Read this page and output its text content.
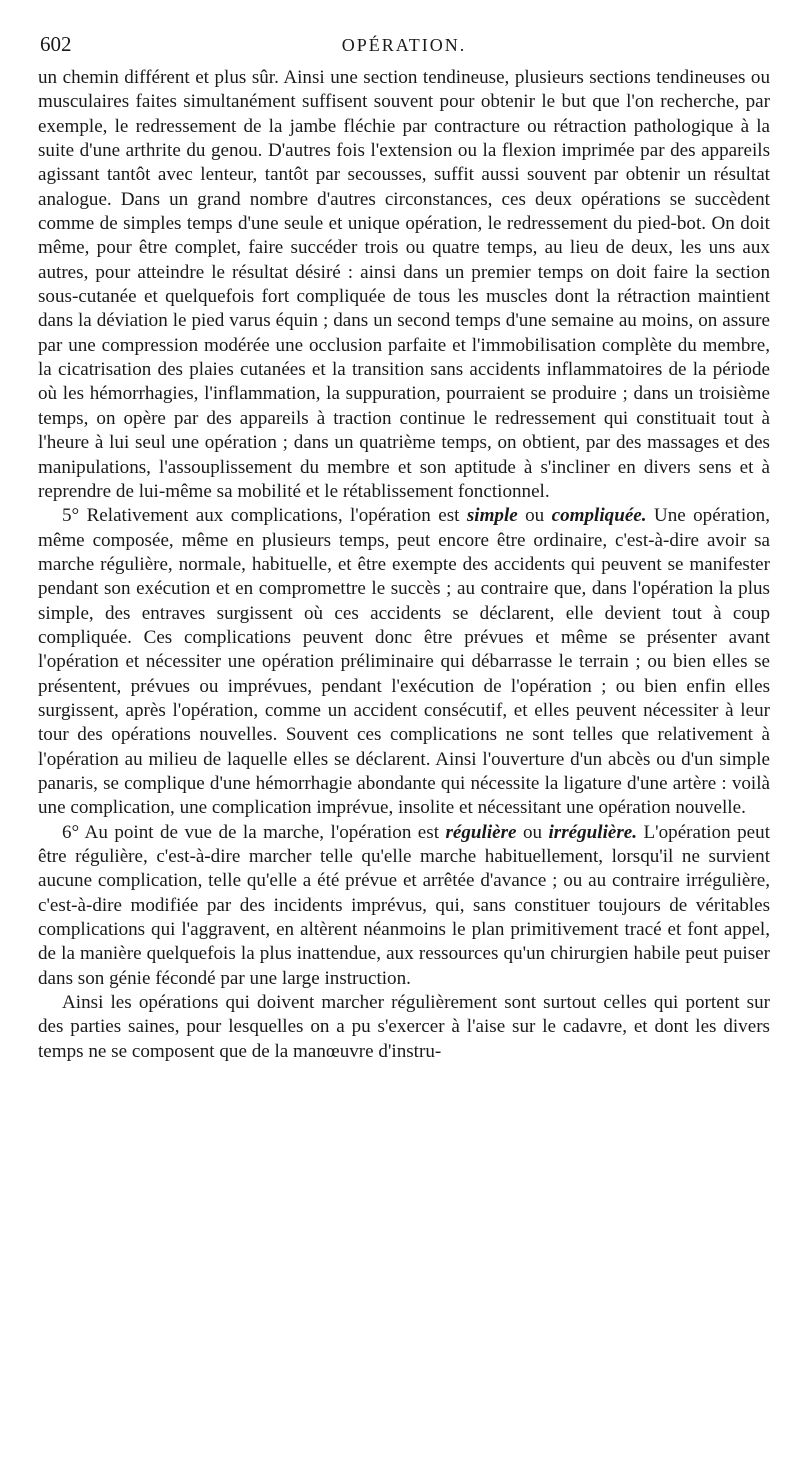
602	OPÉRATION.

un chemin différent et plus sûr. Ainsi une section tendineuse, plusieurs sections tendineuses ou musculaires faites simultanément suffisent souvent pour obtenir le but que l'on recherche, par exemple, le redressement de la jambe fléchie par contracture ou rétraction pathologique à la suite d'une arthrite du genou. D'autres fois l'extension ou la flexion imprimée par des appareils agissant tantôt avec lenteur, tantôt par secousses, suffit aussi souvent par obtenir un résultat analogue. Dans un grand nombre d'autres circonstances, ces deux opérations se succèdent comme de simples temps d'une seule et unique opération, le redressement du pied-bot. On doit même, pour être complet, faire succéder trois ou quatre temps, au lieu de deux, les uns aux autres, pour atteindre le résultat désiré : ainsi dans un premier temps on doit faire la section sous-cutanée et quelquefois fort compliquée de tous les muscles dont la rétraction maintient dans la déviation le pied varus équin ; dans un second temps d'une semaine au moins, on assure par une compression modérée une occlusion parfaite et l'immobilisation complète du membre, la cicatrisation des plaies cutanées et la transition sans accidents inflammatoires de la période où les hémorrhagies, l'inflammation, la suppuration, pourraient se produire ; dans un troisième temps, on opère par des appareils à traction continue le redressement qui constituait tout à l'heure à lui seul une opération ; dans un quatrième temps, on obtient, par des massages et des manipulations, l'assouplissement du membre et son aptitude à s'incliner en divers sens et à reprendre de lui-même sa mobilité et le rétablissement fonctionnel.

5° Relativement aux complications, l'opération est simple ou compliquée. Une opération, même composée, même en plusieurs temps, peut encore être ordinaire, c'est-à-dire avoir sa marche régulière, normale, habituelle, et être exempte des accidents qui peuvent se manifester pendant son exécution et en compromettre le succès ; au contraire que, dans l'opération la plus simple, des entraves surgissent où ces accidents se déclarent, elle devient tout à coup compliquée. Ces complications peuvent donc être prévues et même se présenter avant l'opération et nécessiter une opération préliminaire qui débarrasse le terrain ; ou bien elles se présentent, prévues ou imprévues, pendant l'exécution de l'opération ; ou bien enfin elles surgissent, après l'opération, comme un accident consécutif, et elles peuvent nécessiter à leur tour des opérations nouvelles. Souvent ces complications ne sont telles que relativement à l'opération au milieu de laquelle elles se déclarent. Ainsi l'ouverture d'un abcès ou d'un simple panaris, se complique d'une hémorrhagie abondante qui nécessite la ligature d'une artère : voilà une complication, une complication imprévue, insolite et nécessitant une opération nouvelle.

6° Au point de vue de la marche, l'opération est régulière ou irrégulière. L'opération peut être régulière, c'est-à-dire marcher telle qu'elle marche habituellement, lorsqu'il ne survient aucune complication, telle qu'elle a été prévue et arrêtée d'avance ; ou au contraire irrégulière, c'est-à-dire modifiée par des incidents imprévus, qui, sans constituer toujours de véritables complications qui l'aggravent, en altèrent néanmoins le plan primitivement tracé et font appel, de la manière quelquefois la plus inattendue, aux ressources qu'un chirurgien habile peut puiser dans son génie fécondé par une large instruction.

Ainsi les opérations qui doivent marcher régulièrement sont surtout celles qui portent sur des parties saines, pour lesquelles on a pu s'exercer à l'aise sur le cadavre, et dont les divers temps ne se composent que de la manœuvre d'instru-
